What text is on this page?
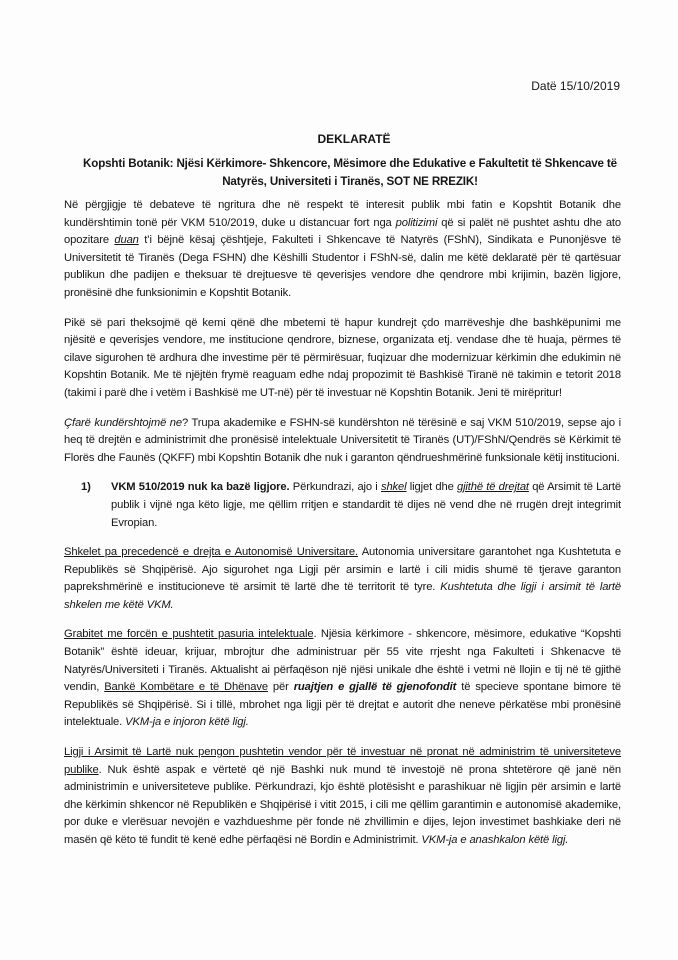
Datë 15/10/2019
DEKLARATË
Kopshti Botanik: Njësi Kërkimore- Shkencore, Mësimore dhe Edukative e Fakultetit të Shkencave të Natyrës, Universiteti i Tiranës, SOT NE RREZIK!
Në përgjigje të debateve të ngritura dhe në respekt të interesit publik mbi fatin e Kopshtit Botanik dhe kundërshtimin tonë për VKM 510/2019, duke u distancuar fort nga politizimi që si palët në pushtet ashtu dhe ato opozitare duan t’i bëjnë kësaj çështjeje, Fakulteti i Shkencave të Natyrës (FShN), Sindikata e Punonjësve të Universitetit të Tiranës (Dega FSHN) dhe Këshilli Studentor i FShN-së, dalin me këtë deklaratë për të qartësuar publikun dhe padijen e theksuar të drejtuesve të qeverisjes vendore dhe qendrore mbi krijimin, bazën ligjore, pronësinë dhe funksionimin e Kopshtit Botanik.
Pikë së pari theksojmë që kemi qënë dhe mbetemi të hapur kundrejt çdo marrëveshje dhe bashkëpunimi me njësitë e qeverisjes vendore, me institucione qendrore, biznese, organizata etj. vendase dhe të huaja, përmes të cilave sigurohen të ardhura dhe investime për të përmirësuar, fuqizuar dhe modernizuar kërkimin dhe edukimin në Kopshtin Botanik. Me të njëjtën frymë reaguam edhe ndaj propozimit të Bashkisë Tiranë në takimin e tetorit 2018 (takimi i parë dhe i vetëm i Bashkisë me UT-në) për të investuar në Kopshtin Botanik. Jeni të mirëpritur!
Çfarë kundërshtojmë ne? Trupa akademike e FSHN-së kundërshton në tërësinë e saj VKM 510/2019, sepse ajo i heq të drejtën e administrimit dhe pronësisë intelektuale Universitetit të Tiranës (UT)/FShN/Qendrës së Kërkimit të Florës dhe Faunës (QKFF) mbi Kopshtin Botanik dhe nuk i garanton qëndrueshmërinë funksionale këtij institucioni.
1)	VKM 510/2019 nuk ka bazë ligjore. Përkundrazi, ajo i shkel ligjet dhe gjithë të drejtat që Arsimit të Lartë publik i vijnë nga këto ligje, me qëllim rritjen e standardit të dijes në vend dhe në rrugën drejt integrimit Evropian.
Shkelet pa precedencë e drejta e Autonomisë Universitare. Autonomia universitare garantohet nga Kushtetuta e Republikës së Shqipërisë. Ajo sigurohet nga Ligji për arsimin e lartë i cili midis shumë të tjerave garanton paprekshmërinë e institucioneve të arsimit të lartë dhe të territorit të tyre. Kushtetuta dhe ligji i arsimit të lartë shkelen me këtë VKM.
Grabitet me forcën e pushtetit pasuria intelektuale. Njësia kërkimore - shkencore, mësimore, edukative “Kopshti Botanik” është ideuar, krijuar, mbrojtur dhe administruar për 55 vite rrjesht nga Fakulteti i Shkenacve të Natyrës/Universiteti i Tiranës. Aktualisht ai përfaqëson një njësi unikale dhe është i vetmi në llojin e tij në të gjithë vendin, Bankë Kombëtare e të Dhënave për ruajtjen e gjallë të gjenofondit të specieve spontane bimore të Republikës së Shqipërisë. Si i tillë, mbrohet nga ligji për të drejtat e autorit dhe neneve përkatëse mbi pronësinë intelektuale. VKM-ja e injoron këtë ligj.
Ligji i Arsimit të Lartë nuk pengon pushtetin vendor për të investuar në pronat në administrim të universiteteve publike. Nuk është aspak e vërtetë që një Bashki nuk mund të investojë në prona shtetërore që janë nën administrimin e universiteteve publike. Përkundrazi, kjo është plotësisht e parashikuar në ligjin për arsimin e lartë dhe kërkimin shkencor në Republikën e Shqipërisë i vitit 2015, i cili me qëllim garantimin e autonomisë akademike, por duke e vlerësuar nevojën e vazhdueshme për fonde në zhvillimin e dijes, lejon investimet bashkiake deri në masën që këto të fundit të kenë edhe përfaqësi në Bordin e Administrimit. VKM-ja e anashkalon këtë ligj.
